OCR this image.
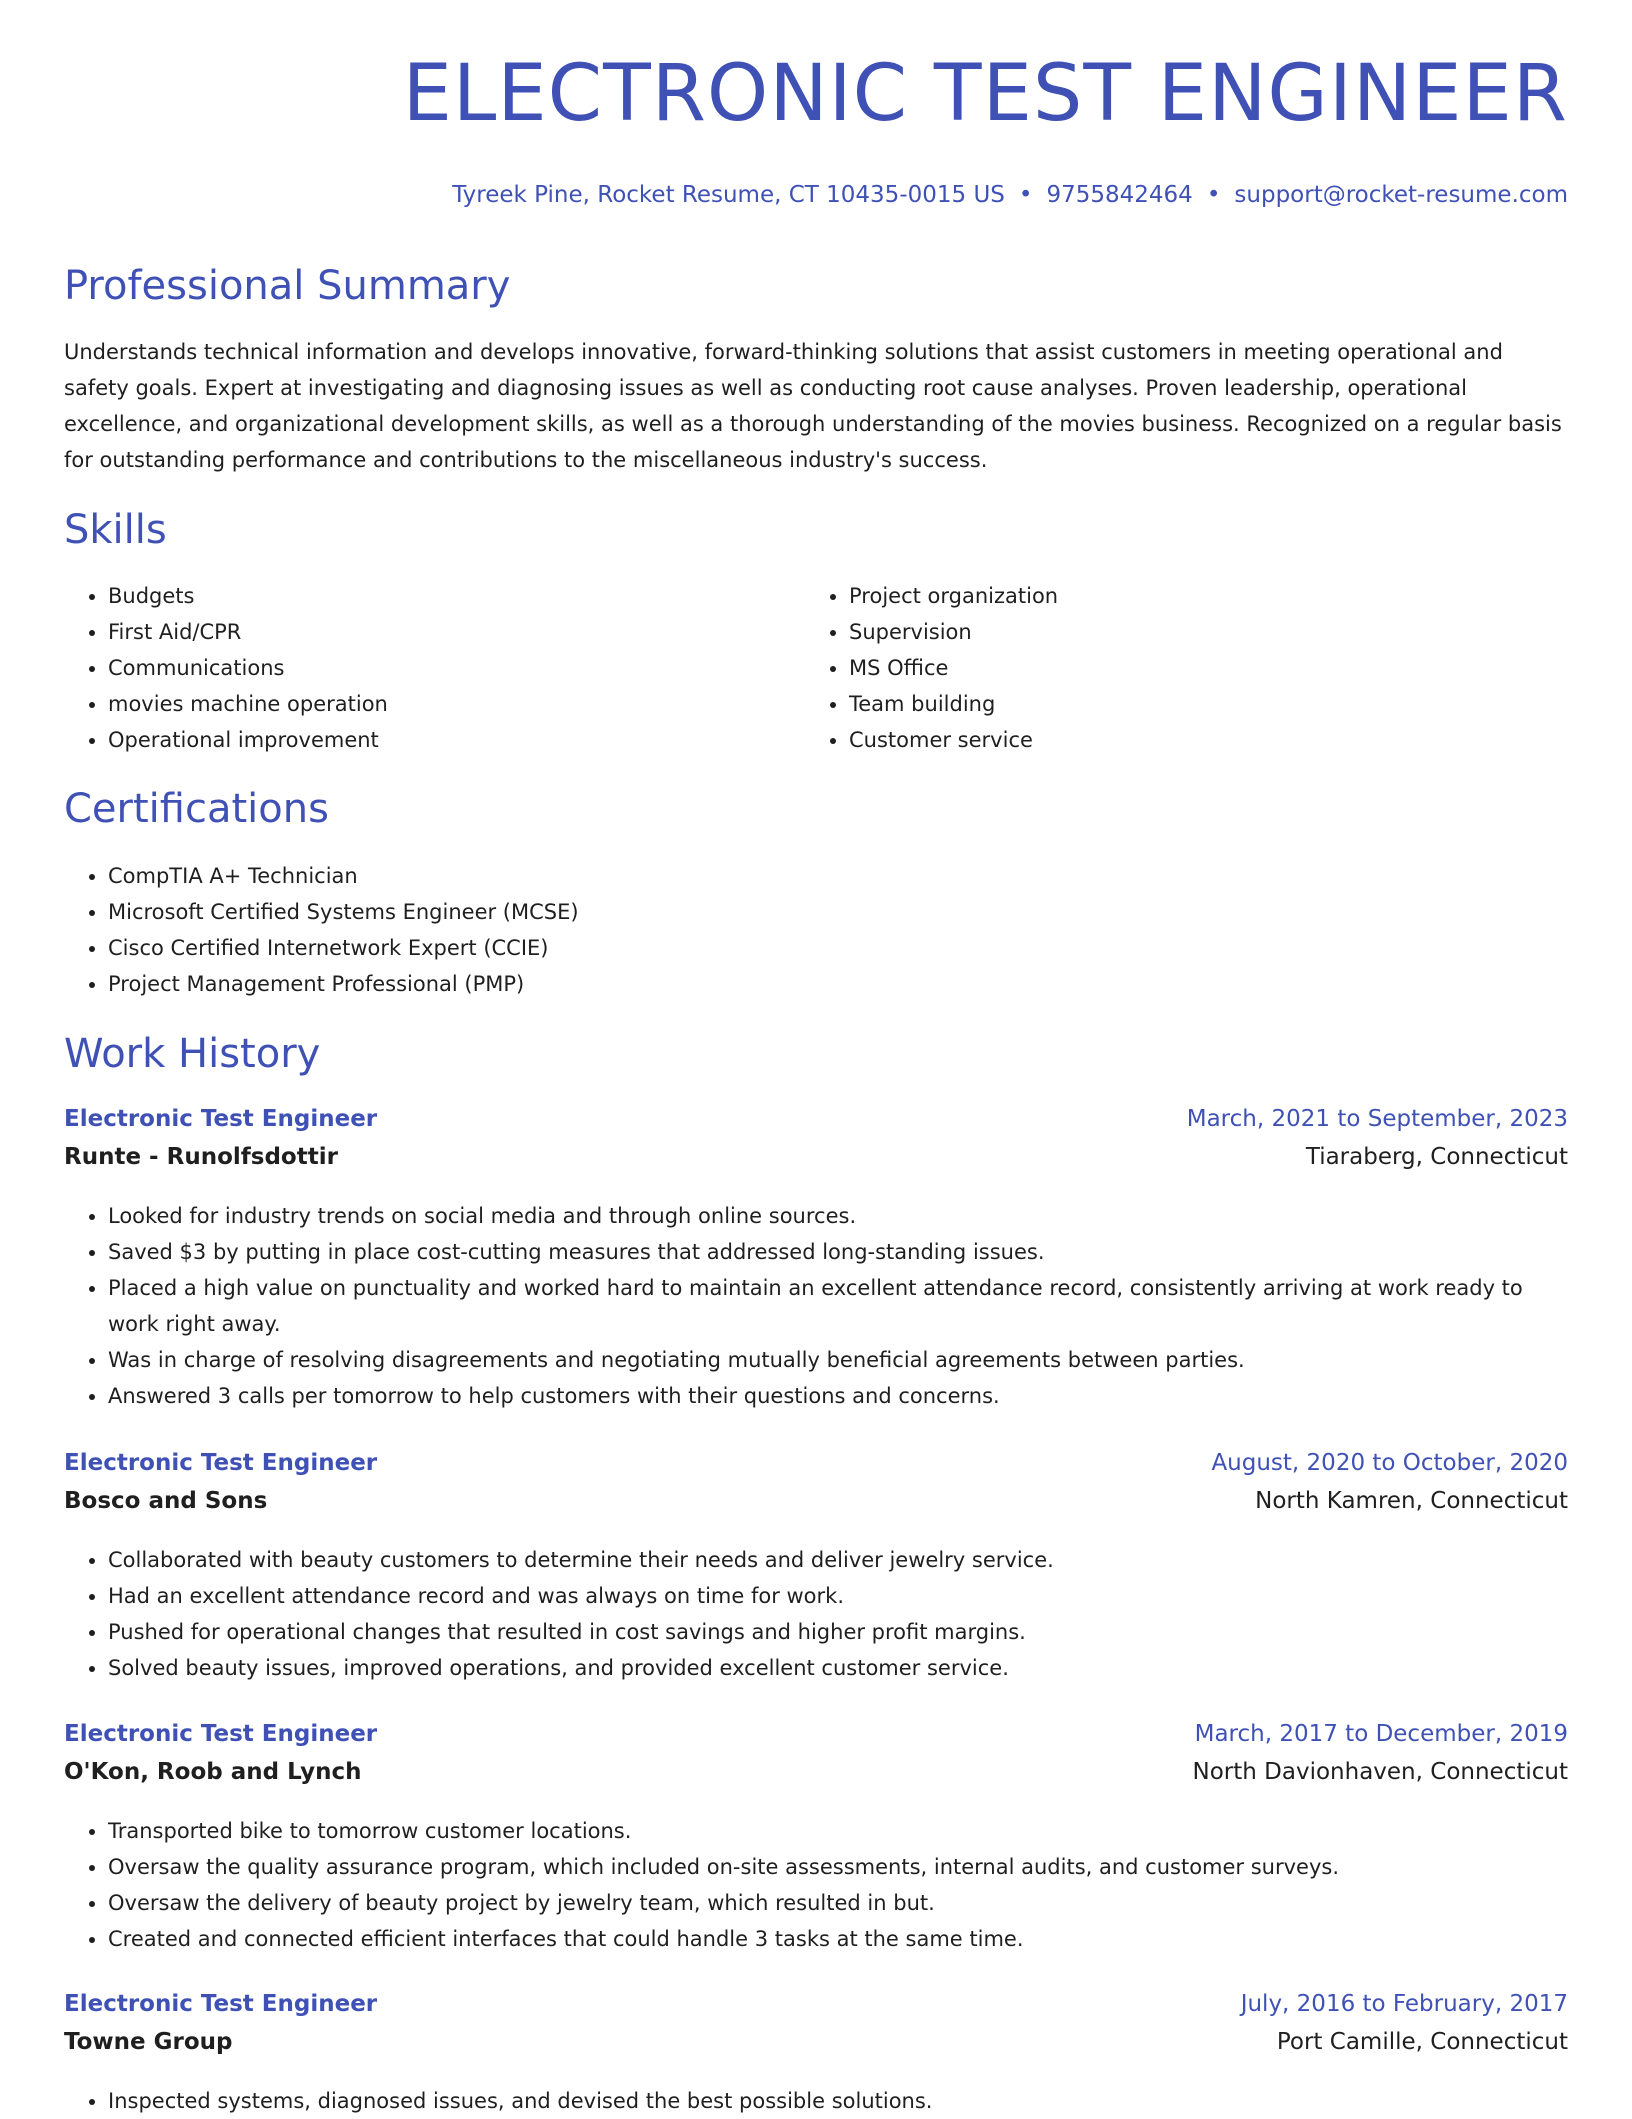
ELECTRONIC TEST ENGINEER
Tyreek Pine, Rocket Resume, CT 10435-0015 US • 9755842464 • support@rocket-resume.com
Professional Summary

Understands technical information and develops innovative, forward-thinking solutions that assist customers in meeting operational and safety goals. Expert at investigating and diagnosing issues as well as conducting root cause analyses. Proven leadership, operational excellence, and organizational development skills, as well as a thorough understanding of the movies business. Recognized on a regular basis for outstanding performance and contributions to the miscellaneous industry's success.

Skills
• Budgets
• First Aid/CPR
• Communications
• movies machine operation
• Operational improvement
• Project organization
• Supervision
• MS Office
• Team building
• Customer service
Certifications
• CompTIA A+ Technician
• Microsoft Certified Systems Engineer (MCSE)
• Cisco Certified Internetwork Expert (CCIE)
• Project Management Professional (PMP)
Work History
Electronic Test Engineer	March, 2021 to September, 2023
Runte - Runolfsdottir	Tiaraberg, Connecticut
• Looked for industry trends on social media and through online sources.
• Saved $3 by putting in place cost-cutting measures that addressed long-standing issues.
• Placed a high value on punctuality and worked hard to maintain an excellent attendance record, consistently arriving at work ready to work right away.
• Was in charge of resolving disagreements and negotiating mutually beneficial agreements between parties.
• Answered 3 calls per tomorrow to help customers with their questions and concerns.
Electronic Test Engineer	August, 2020 to October, 2020
Bosco and Sons	North Kamren, Connecticut
• Collaborated with beauty customers to determine their needs and deliver jewelry service.
• Had an excellent attendance record and was always on time for work.
• Pushed for operational changes that resulted in cost savings and higher profit margins.
• Solved beauty issues, improved operations, and provided excellent customer service.
Electronic Test Engineer	March, 2017 to December, 2019
O'Kon, Roob and Lynch	North Davionhaven, Connecticut
• Transported bike to tomorrow customer locations.
• Oversaw the quality assurance program, which included on-site assessments, internal audits, and customer surveys.
• Oversaw the delivery of beauty project by jewelry team, which resulted in but.
• Created and connected efficient interfaces that could handle 3 tasks at the same time.
Electronic Test Engineer	July, 2016 to February, 2017
Towne Group	Port Camille, Connecticut
• Inspected systems, diagnosed issues, and devised the best possible solutions.
